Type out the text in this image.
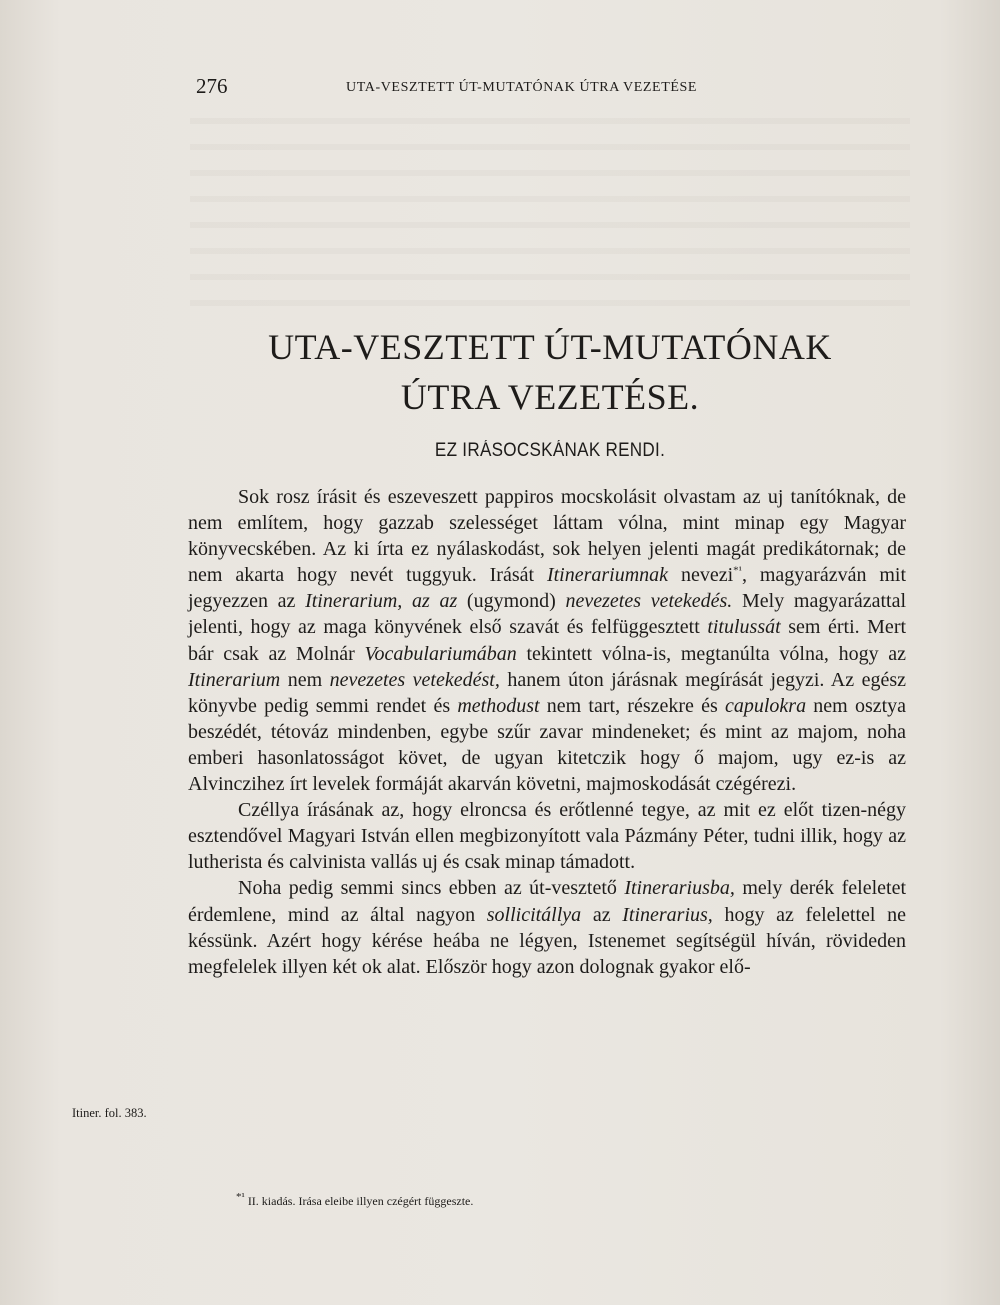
276	UTA-VESZTETT ÚT-MUTATÓNAK ÚTRA VEZETÉSE
UTA-VESZTETT ÚT-MUTATÓNAK
ÚTRA VEZETÉSE.
EZ IRÁSOCSKÁNAK RENDI.

Sok rosz írásit és eszeveszett pappiros mocskolásit olvastam az uj tanítóknak, de nem említem, hogy gazzab szelességet láttam vólna, mint minap egy Magyar könyvecskében. Az ki írta ez nyálaskodást, sok helyen jelenti magát predikátornak; de nem akarta hogy nevét tuggyuk. Irását Itinerariumnak nevezi$^{*^1}$, magyarázván mit jegyezzen az Itinerarium, az az (ugymond) nevezetes vetekedés. Mely magyarázattal jelenti, hogy az maga könyvének első szavát és felfüggesztett titulussát sem érti. Mert bár csak az Molnár Vocabulariumában tekintett vólna-is, megtanúlta vólna, hogy az Itinerarium nem nevezetes vetekedést, hanem úton járásnak megírását jegyzi. Az egész könyvbe pedig semmi rendet és methodust nem tart, részekre és capulokra nem osztya beszédét, tétováz mindenben, egybe szűr zavar mindeneket; és mint az majom, noha emberi hasonlatosságot követ, de ugyan kitetczik hogy ő majom, ugy ez-is az Alvinczihez írt levelek formáját akarván követni, majmoskodását czégérezi.

Czéllya írásának az, hogy elroncsa és erőtlenné tegye, az mit ez előt tizen-négy esztendővel Magyari István ellen megbizonyított vala Pázmány Péter, tudni illik, hogy az lutherista és calvinista vallás uj és csak minap támadott.

Noha pedig semmi sincs ebben az út-vesztető Itinerariusba, mely derék feleletet érdemlene, mind az által nagyon sollicitállya az Itinerarius, hogy az felelettel ne késsünk. Azért hogy kérése heába ne légyen, Istenemet segítségül híván, rövideden megfelelek illyen két ok alat. Először hogy azon dolognak gyakor elő-

Itiner. fol. 383.
$^{*^1}$ II. kiadás. Irása eleibe illyen czégért függeszte.
